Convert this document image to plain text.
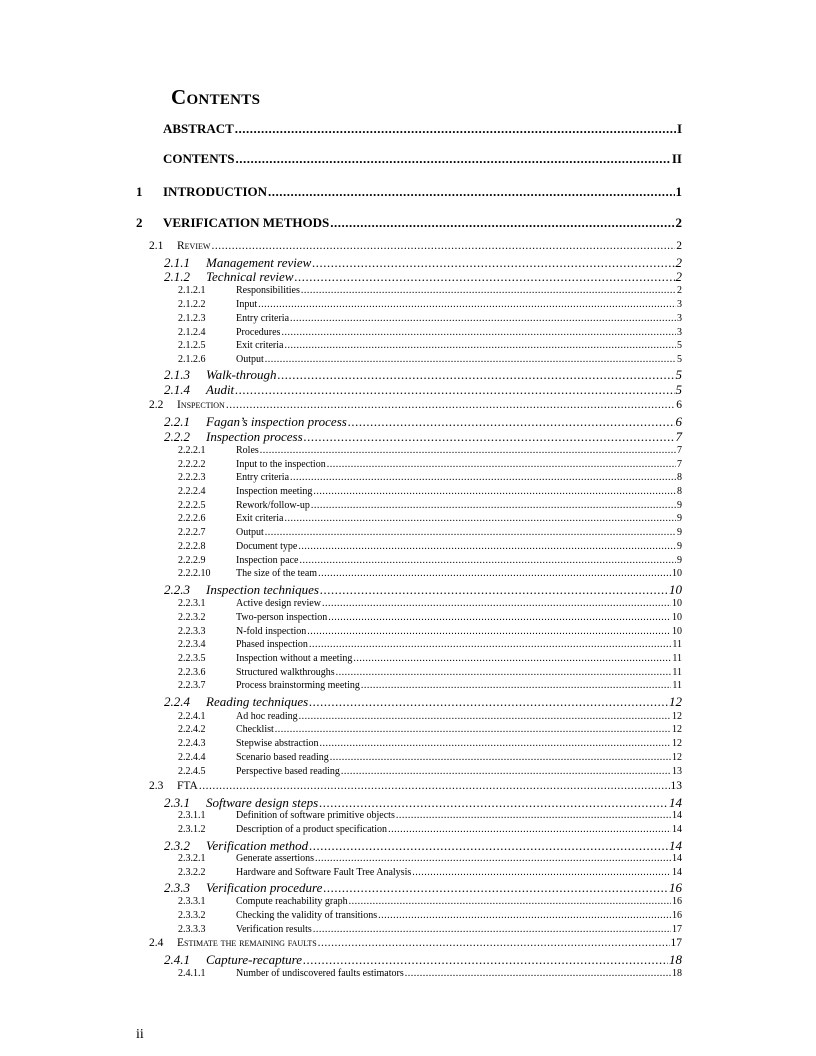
Contents
ABSTRACT .....	I
CONTENTS .....	II
1	INTRODUCTION .....	1
2	VERIFICATION METHODS .....	2
2.1	Review .....	2
2.1.1	Management review .....	2
2.1.2	Technical review .....	2
2.1.2.1	Responsibilities .....	2
2.1.2.2	Input .....	3
2.1.2.3	Entry criteria .....	3
2.1.2.4	Procedures .....	3
2.1.2.5	Exit criteria .....	5
2.1.2.6	Output .....	5
2.1.3	Walk-through .....	5
2.1.4	Audit .....	5
2.2	Inspection .....	6
2.2.1	Fagan’s inspection process .....	6
2.2.2	Inspection process .....	7
2.2.2.1	Roles .....	7
2.2.2.2	Input to the inspection .....	7
2.2.2.3	Entry criteria .....	8
2.2.2.4	Inspection meeting .....	8
2.2.2.5	Rework/follow-up .....	9
2.2.2.6	Exit criteria .....	9
2.2.2.7	Output .....	9
2.2.2.8	Document type .....	9
2.2.2.9	Inspection pace .....	9
2.2.2.10	The size of the team .....	10
2.2.3	Inspection techniques .....	10
2.2.3.1	Active design review .....	10
2.2.3.2	Two-person inspection .....	10
2.2.3.3	N-fold inspection .....	10
2.2.3.4	Phased inspection .....	11
2.2.3.5	Inspection without a meeting .....	11
2.2.3.6	Structured walkthroughs .....	11
2.2.3.7	Process brainstorming meeting .....	11
2.2.4	Reading techniques .....	12
2.2.4.1	Ad hoc reading .....	12
2.2.4.2	Checklist .....	12
2.2.4.3	Stepwise abstraction .....	12
2.2.4.4	Scenario based reading .....	12
2.2.4.5	Perspective based reading .....	13
2.3	FTA .....	13
2.3.1	Software design steps .....	14
2.3.1.1	Definition of software primitive objects .....	14
2.3.1.2	Description of a product specification .....	14
2.3.2	Verification method .....	14
2.3.2.1	Generate assertions .....	14
2.3.2.2	Hardware and Software Fault Tree Analysis .....	14
2.3.3	Verification procedure .....	16
2.3.3.1	Compute reachability graph .....	16
2.3.3.2	Checking the validity of transitions .....	16
2.3.3.3	Verification results .....	17
2.4	Estimate the remaining faults .....	17
2.4.1	Capture-recapture .....	18
2.4.1.1	Number of undiscovered faults estimators .....	18
ii
